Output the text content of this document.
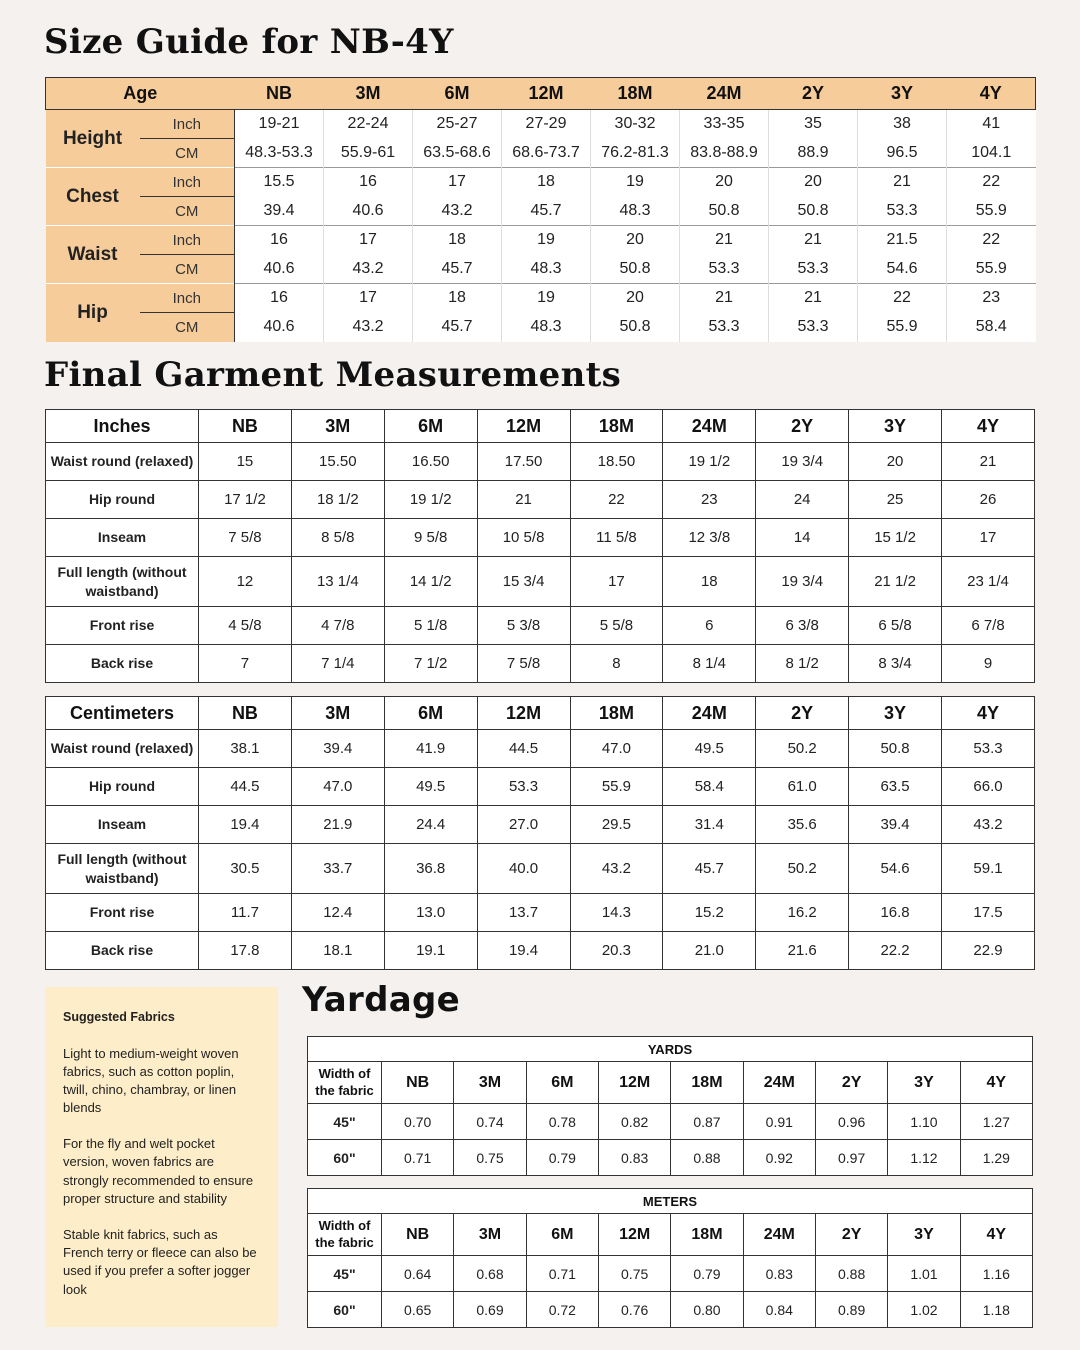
Size Guide for NB-4Y
Age		NB	3M	6M	12M	18M	24M	2Y	3Y	4Y
Height	Inch	19-21	22-24	25-27	27-29	30-32	33-35	35	38	41
	CM	48.3-53.3	55.9-61	63.5-68.6	68.6-73.7	76.2-81.3	83.8-88.9	88.9	96.5	104.1
Chest	Inch	15.5	16	17	18	19	20	20	21	22
	CM	39.4	40.6	43.2	45.7	48.3	50.8	50.8	53.3	55.9
Waist	Inch	16	17	18	19	20	21	21	21.5	22
	CM	40.6	43.2	45.7	48.3	50.8	53.3	53.3	54.6	55.9
Hip	Inch	16	17	18	19	20	21	21	22	23
	CM	40.6	43.2	45.7	48.3	50.8	53.3	53.3	55.9	58.4
Final Garment Measurements
Inches	NB	3M	6M	12M	18M	24M	2Y	3Y	4Y
Waist round (relaxed)	15	15.50	16.50	17.50	18.50	19 1/2	19 3/4	20	21
Hip round	17 1/2	18 1/2	19 1/2	21	22	23	24	25	26
Inseam	7 5/8	8 5/8	9 5/8	10 5/8	11 5/8	12 3/8	14	15 1/2	17
Full length (without waistband)	12	13 1/4	14 1/2	15 3/4	17	18	19 3/4	21 1/2	23 1/4
Front rise	4 5/8	4 7/8	5 1/8	5 3/8	5 5/8	6	6 3/8	6 5/8	6 7/8
Back rise	7	7 1/4	7 1/2	7 5/8	8	8 1/4	8 1/2	8 3/4	9
Centimeters	NB	3M	6M	12M	18M	24M	2Y	3Y	4Y
Waist round (relaxed)	38.1	39.4	41.9	44.5	47.0	49.5	50.2	50.8	53.3
Hip round	44.5	47.0	49.5	53.3	55.9	58.4	61.0	63.5	66.0
Inseam	19.4	21.9	24.4	27.0	29.5	31.4	35.6	39.4	43.2
Full length (without waistband)	30.5	33.7	36.8	40.0	43.2	45.7	50.2	54.6	59.1
Front rise	11.7	12.4	13.0	13.7	14.3	15.2	16.2	16.8	17.5
Back rise	17.8	18.1	19.1	19.4	20.3	21.0	21.6	22.2	22.9
Suggested Fabrics

Light to medium-weight woven fabrics, such as cotton poplin, twill, chino, chambray, or linen blends

For the fly and welt pocket version, woven fabrics are strongly recommended to ensure proper structure and stability

Stable knit fabrics, such as French terry or fleece can also be used if you prefer a softer jogger look

Yardage
YARDS									
Width of the fabric	NB	3M	6M	12M	18M	24M	2Y	3Y	4Y
45"	0.70	0.74	0.78	0.82	0.87	0.91	0.96	1.10	1.27
60"	0.71	0.75	0.79	0.83	0.88	0.92	0.97	1.12	1.29
METERS									
Width of the fabric	NB	3M	6M	12M	18M	24M	2Y	3Y	4Y
45"	0.64	0.68	0.71	0.75	0.79	0.83	0.88	1.01	1.16
60"	0.65	0.69	0.72	0.76	0.80	0.84	0.89	1.02	1.18
